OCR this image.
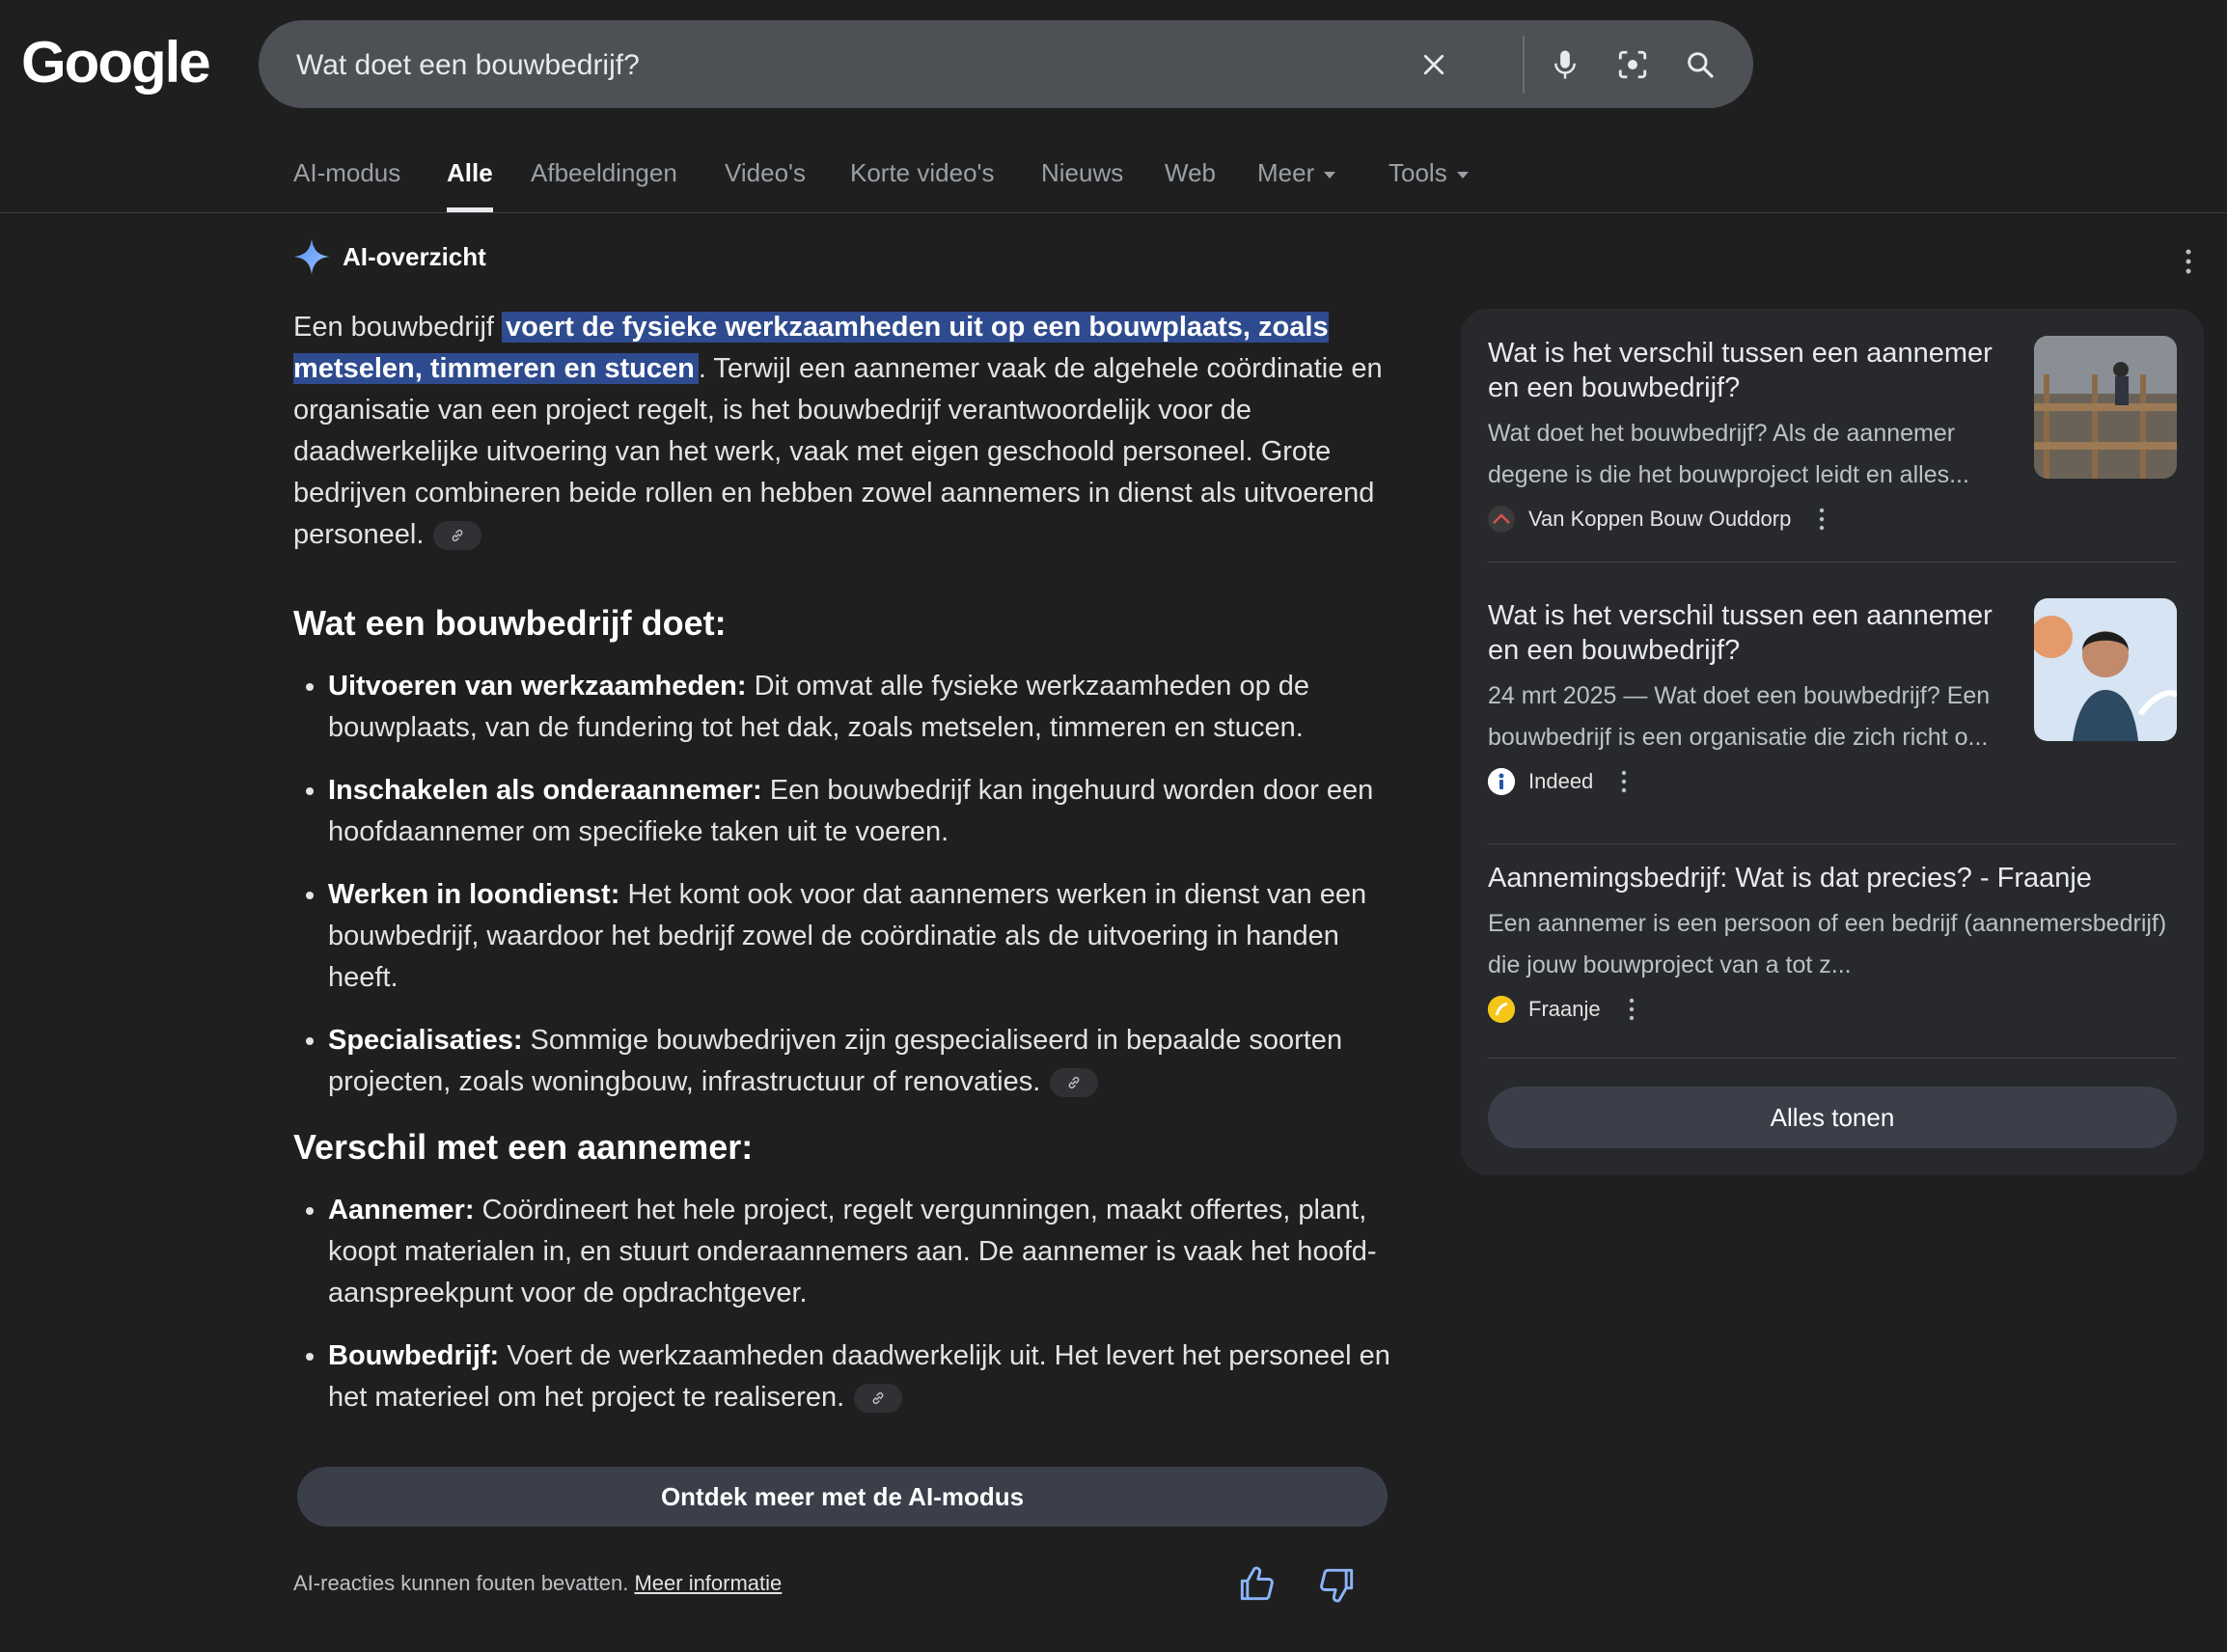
Google
Wat doet een bouwbedrijf?
AI-modus Alle Afbeeldingen Video's Korte video's Nieuws Web Meer	Tools
AI-overzicht

Een bouwbedrijf voert de fysieke werkzaamheden uit op een bouwplaats, zoals metselen, timmeren en stucen . Terwijl een aannemer vaak de algehele coördinatie en organisatie van een project regelt, is het bouwbedrijf verantwoordelijk voor de daadwerkelijke uitvoering van het werk, vaak met eigen geschoold personeel. Grote bedrijven combineren beide rollen en hebben zowel aannemers in dienst als uitvoerend personeel.

Wat een bouwbedrijf doet:
• Uitvoeren van werkzaamheden: Dit omvat alle fysieke werkzaamheden op de bouwplaats, van de fundering tot het dak, zoals metselen, timmeren en stucen.
• Inschakelen als onderaannemer: Een bouwbedrijf kan ingehuurd worden door een hoofdaannemer om specifieke taken uit te voeren.
• Werken in loondienst: Het komt ook voor dat aannemers werken in dienst van een bouwbedrijf, waardoor het bedrijf zowel de coördinatie als de uitvoering in handen heeft.
• Specialisaties: Sommige bouwbedrijven zijn gespecialiseerd in bepaalde soorten projecten, zoals woningbouw, infrastructuur of renovaties.
Verschil met een aannemer:
• Aannemer: Coördineert het hele project, regelt vergunningen, maakt offertes, plant, koopt materialen in, en stuurt onderaannemers aan. De aannemer is vaak het hoofd-aanspreekpunt voor de opdrachtgever.
• Bouwbedrijf: Voert de werkzaamheden daadwerkelijk uit. Het levert het personeel en het materieel om het project te realiseren.
Ontdek meer met de AI-modus
AI-reacties kunnen fouten bevatten. Meer informatie
Wat is het verschil tussen een aannemer en een bouwbedrijf?
Wat doet het bouwbedrijf? Als de aannemer degene is die het bouwproject leidt en alles...
Van Koppen Bouw Ouddorp
Wat is het verschil tussen een aannemer en een bouwbedrijf?
24 mrt 2025 — Wat doet een bouwbedrijf? Een bouwbedrijf is een organisatie die zich richt o...
Indeed
Aannemingsbedrijf: Wat is dat precies? - Fraanje
Een aannemer is een persoon of een bedrijf (aannemersbedrijf) die jouw bouwproject van a tot z...
Fraanje
Alles tonen
